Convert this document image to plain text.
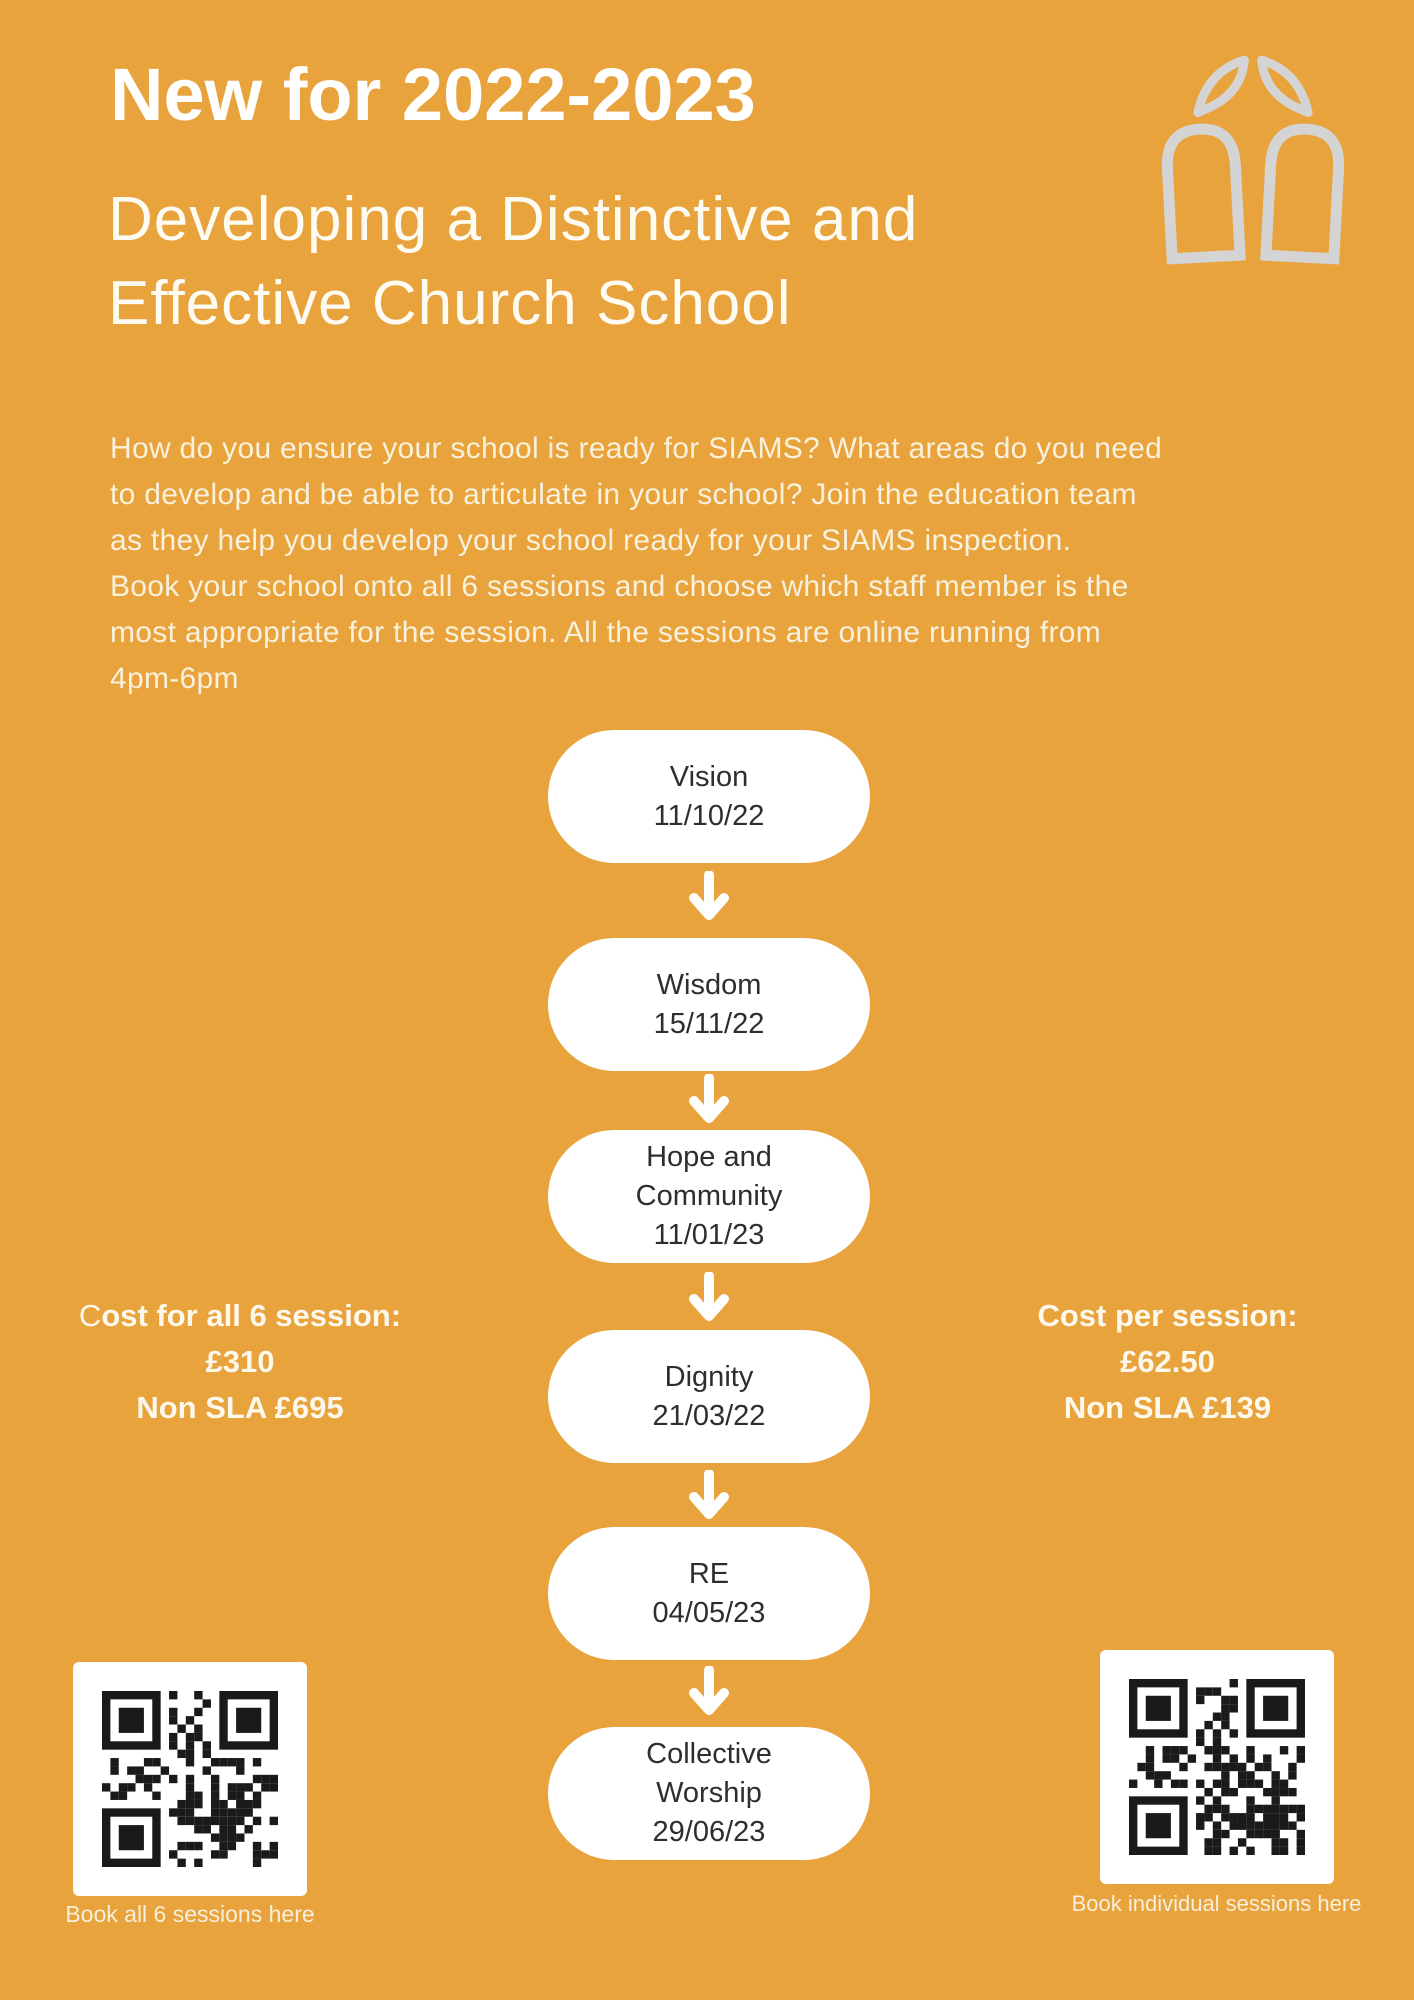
New for 2022-2023
Developing a Distinctive and
Effective Church School
How do you ensure your school is ready for SIAMS? What areas do you need
to develop and be able to articulate in your school? Join the education team
as they help you develop your school ready for your SIAMS inspection.
Book your school onto all 6 sessions and choose which staff member is the
most appropriate for the session. All the sessions are online running from
4pm-6pm
Vision
11/10/22
Wisdom
15/11/22
Hope and
Community
11/01/23
Dignity
21/03/22
RE
04/05/23
Collective
Worship
29/06/23
Cost for all 6 session:
£310
Non SLA £695
Cost per session:
£62.50
Non SLA £139
Book all 6 sessions here	Book individual sessions here
